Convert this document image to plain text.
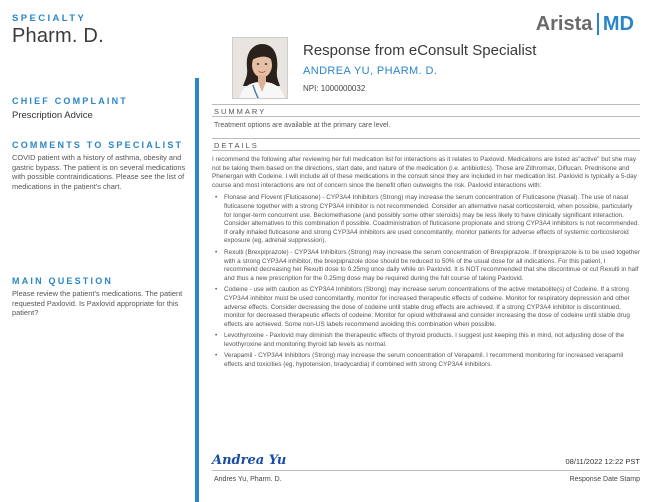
SPECIALTY
Pharm. D.
CHIEF COMPLAINT
Prescription Advice
COMMENTS TO SPECIALIST
COVID patient with a history of asthma, obesity and gastric bypass. The patient is on several medications with possible contraindications. Please see the list of medications in the patient's chart.
MAIN QUESTION
Please review the patient's medications. The patient requested Paxlovid. Is Paxlovid appropriate for this patient?
Arista MD
Response from eConsult Specialist
ANDREA YU, PHARM. D.
NPI: 1000000032
SUMMARY
Treatment options are available at the primary care level.
DETAILS

I recommend the following after reviewing her full medication list for interactions as it relates to Paxlovid. Medications are listed as"active" but she may not be taking them based on the directions, start date, and nature of the medication (i.e. antibiotics). Those are Zithromax, Diflucan, Prednisone and Phenergan with Codeine. I will include all of these medications in the consult since they are included in her medication list. Paxlovid is typically a 5-day course and most interactions are not of concern since the benefit often outweighs the risk. Paxlovid interactions with:

• Flonase and Flovent (Fluticasone) - CYP3A4 Inhibitors (Strong) may increase the serum concentration of Fluticasone (Nasal). The use of nasal fluticasone together with a strong CYP3A4 inhibitor is not recommended. Consider an alternative nasal corticosteroid, when possible, particularly for longer-term concurrent use. Beclomethasone (and possibly some other steroids) may be less likely to have clinically significant interaction. Consider alternatives to this combination if possible. Coadministration of fluticasone propionate and strong CYP3A4 inhibitors is not recommended. If orally inhaled fluticasone and strong CYP3A4 inhibitors are used concomitantly, monitor patients for adverse effects of systemic corticosteroid exposure (eg, adrenal suppression).
• Rexulti (Brexpiprazole) - CYP3A4 Inhibitors (Strong) may increase the serum concentration of Brexpiprazole. If brexpiprazole is to be used together with a strong CYP3A4 inhibitor, the brexpiprazole dose should be reduced to 50% of the usual dose for all indications. For this patient, I recommend decreasing her Rexulti dose to 0.25mg once daily while on Paxlovid. It is NOT recommended that she discontinue or cut Rexulti in half and thus a new prescription for the 0.25mg dose may be required during the full course of taking Paxlovid.
• Codeine - use with caution as CYP3A4 Inhibitors (Strong) may increase serum concentrations of the active metabolite(s) of Codeine. If a strong CYP3A4 inhibitor must be used concomitantly, monitor for increased therapeutic effects of codeine. Monitor for respiratory depression and other adverse effects. Consider decreasing the dose of codeine until stable drug effects are achieved. If a strong CYP3A4 inhibitor is discontinued, monitor for decreased therapeutic effects of codeine. Monitor for opioid withdrawal and consider increasing the dose of codeine until stable drug effects are achieved. Some non-US labels recommend avoiding this combination when possible.
• Levothyroxine - Paxlovid may diminish the therapeutic effects of thyroid products. I suggest just keeping this in mind, not adjusting dose of the levothyroxine and monitoring thyroid lab levels as normal.
• Verapamil - CYP3A4 Inhibitors (Strong) may increase the serum concentration of Verapamil. I recommend monitoring for increased verapamil effects and toxicities (eg, hypotension, bradycardia) if combined with strong CYP3A4 inhibitors.
Andrea Yu	08/11/2022 12:22 PST
Andres Yu, Pharm. D.	Response Date Stamp
